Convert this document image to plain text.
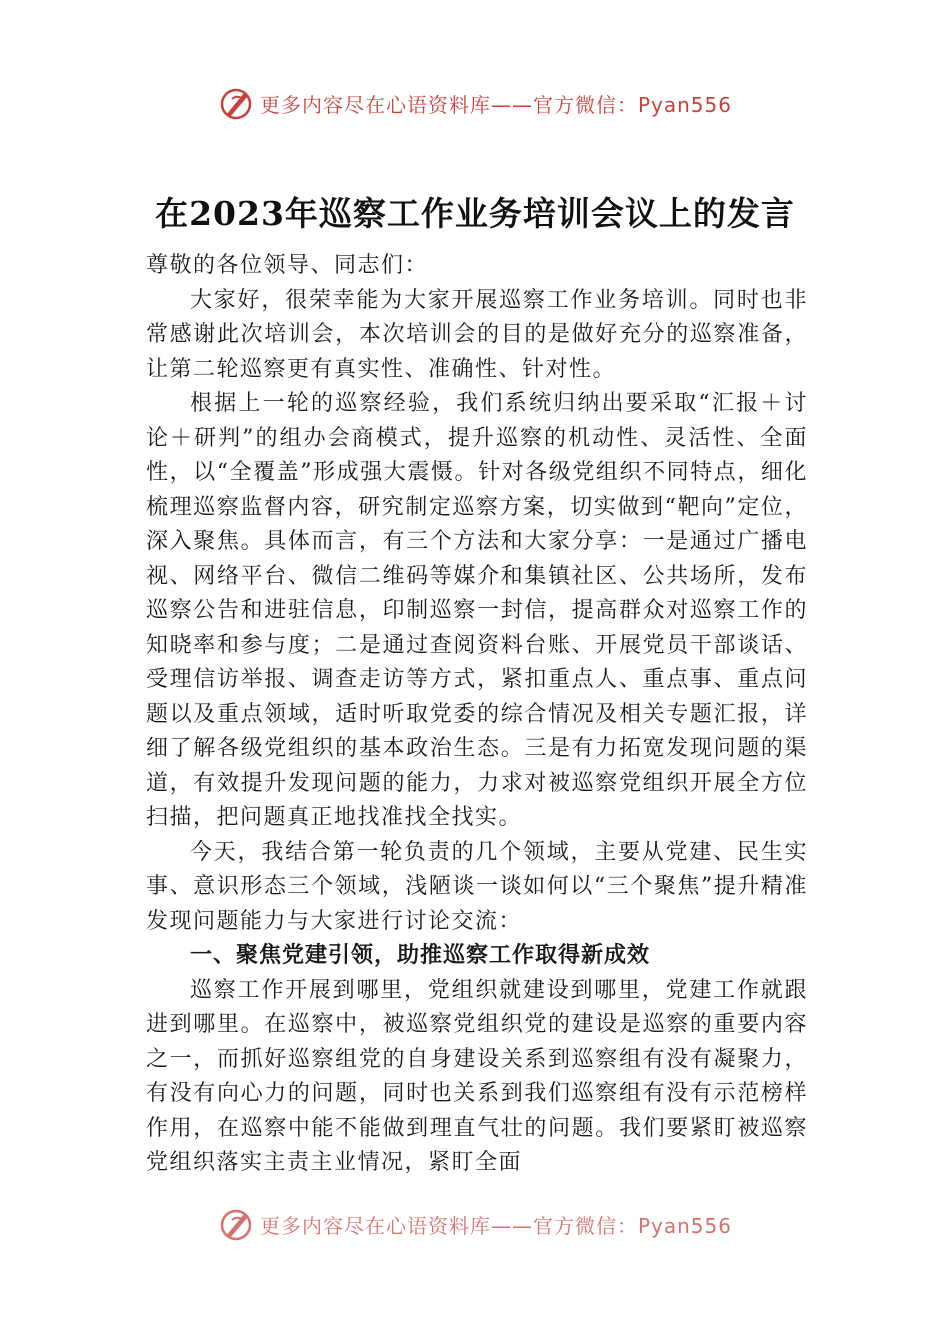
更多内容尽在心语资料库——官方微信：Pyan556
在2023年巡察工作业务培训会议上的发言

尊敬的各位领导、同志们：

大家好，很荣幸能为大家开展巡察工作业务培训。同时也非常感谢此次培训会，本次培训会的目的是做好充分的巡察准备，让第二轮巡察更有真实性、准确性、针对性。

根据上一轮的巡察经验，我们系统归纳出要采取“汇报＋讨论＋研判”的组办会商模式，提升巡察的机动性、灵活性、全面性，以“全覆盖”形成强大震慑。针对各级党组织不同特点，细化梳理巡察监督内容，研究制定巡察方案，切实做到“靶向”定位，深入聚焦。具体而言，有三个方法和大家分享：一是通过广播电视、网络平台、微信二维码等媒介和集镇社区、公共场所，发布巡察公告和进驻信息，印制巡察一封信，提高群众对巡察工作的知晓率和参与度；二是通过查阅资料台账、开展党员干部谈话、受理信访举报、调查走访等方式，紧扣重点人、重点事、重点问题以及重点领域，适时听取党委的综合情况及相关专题汇报，详细了解各级党组织的基本政治生态。三是有力拓宽发现问题的渠道，有效提升发现问题的能力，力求对被巡察党组织开展全方位扫描，把问题真正地找准找全找实。

今天，我结合第一轮负责的几个领域，主要从党建、民生实事、意识形态三个领域，浅陋谈一谈如何以“三个聚焦”提升精准发现问题能力与大家进行讨论交流：

一、聚焦党建引领，助推巡察工作取得新成效

巡察工作开展到哪里，党组织就建设到哪里，党建工作就跟进到哪里。在巡察中，被巡察党组织党的建设是巡察的重要内容之一，而抓好巡察组党的自身建设关系到巡察组有没有凝聚力，有没有向心力的问题，同时也关系到我们巡察组有没有示范榜样作用，在巡察中能不能做到理直气壮的问题。我们要紧盯被巡察党组织落实主责主业情况，紧盯全面

更多内容尽在心语资料库——官方微信：Pyan556
